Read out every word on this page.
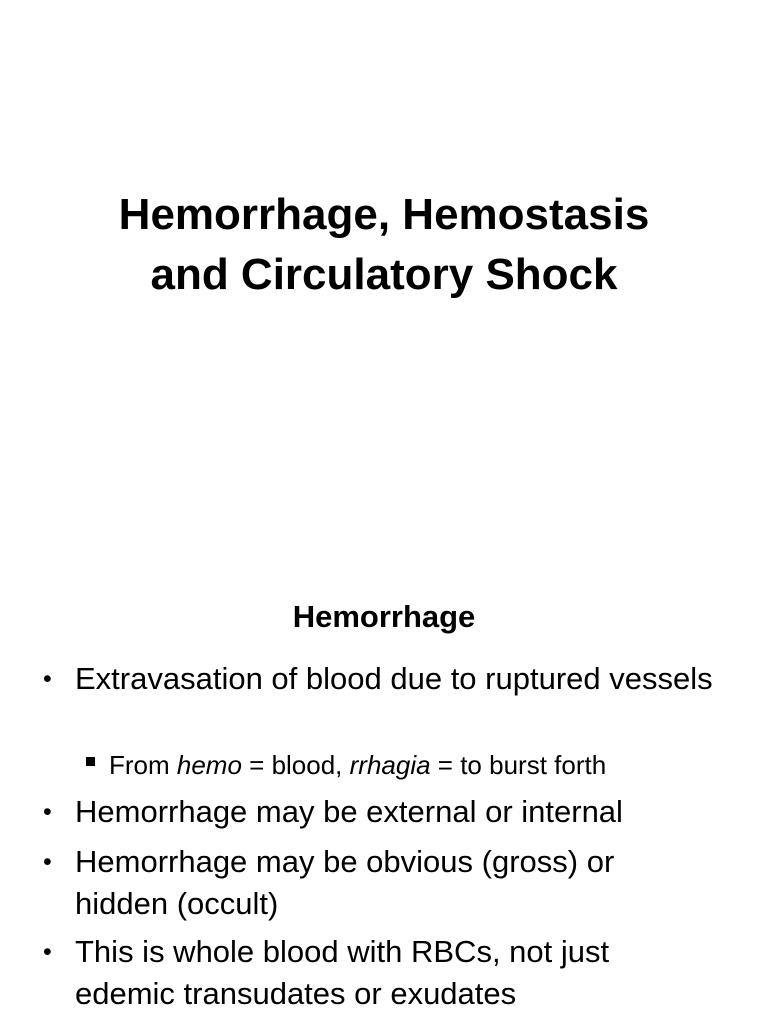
Hemorrhage, Hemostasis
and Circulatory Shock
Hemorrhage
• Extravasation of blood due to ruptured vessels
From hemo = blood, rrhagia = to burst forth
• Hemorrhage may be external or internal
• Hemorrhage may be obvious (gross) or hidden (occult)
• This is whole blood with RBCs, not just edemic transudates or exudates
